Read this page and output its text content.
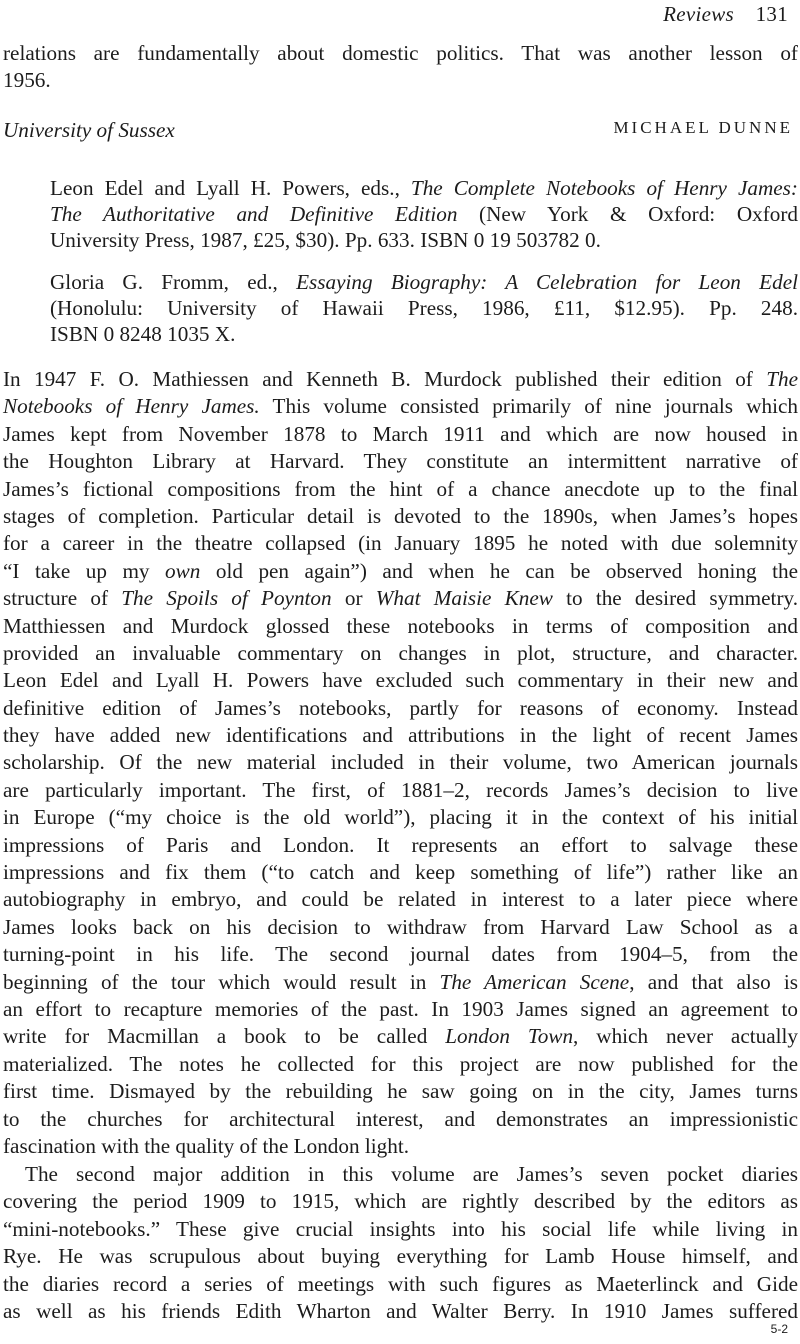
Reviews 131
relations are fundamentally about domestic politics. That was another lesson of
1956.
University of Sussex	MICHAEL DUNNE
Leon Edel and Lyall H. Powers, eds., The Complete Notebooks of Henry James:
The Authoritative and Definitive Edition (New York & Oxford: Oxford
University Press, 1987, £25, $30). Pp. 633. ISBN 0 19 503782 0.
Gloria G. Fromm, ed., Essaying Biography: A Celebration for Leon Edel
(Honolulu: University of Hawaii Press, 1986, £11, $12.95). Pp. 248.
ISBN 0 8248 1035 X.
In 1947 F. O. Mathiessen and Kenneth B. Murdock published their edition of The
Notebooks of Henry James. This volume consisted primarily of nine journals which
James kept from November 1878 to March 1911 and which are now housed in
the Houghton Library at Harvard. They constitute an intermittent narrative of
James’s fictional compositions from the hint of a chance anecdote up to the final
stages of completion. Particular detail is devoted to the 1890s, when James’s hopes
for a career in the theatre collapsed (in January 1895 he noted with due solemnity
“I take up my own old pen again”) and when he can be observed honing the
structure of The Spoils of Poynton or What Maisie Knew to the desired symmetry.
Matthiessen and Murdock glossed these notebooks in terms of composition and
provided an invaluable commentary on changes in plot, structure, and character.
Leon Edel and Lyall H. Powers have excluded such commentary in their new and
definitive edition of James’s notebooks, partly for reasons of economy. Instead
they have added new identifications and attributions in the light of recent James
scholarship. Of the new material included in their volume, two American journals
are particularly important. The first, of 1881–2, records James’s decision to live
in Europe (“my choice is the old world”), placing it in the context of his initial
impressions of Paris and London. It represents an effort to salvage these
impressions and fix them (“to catch and keep something of life”) rather like an
autobiography in embryo, and could be related in interest to a later piece where
James looks back on his decision to withdraw from Harvard Law School as a
turning-point in his life. The second journal dates from 1904–5, from the
beginning of the tour which would result in The American Scene, and that also is
an effort to recapture memories of the past. In 1903 James signed an agreement to
write for Macmillan a book to be called London Town, which never actually
materialized. The notes he collected for this project are now published for the
first time. Dismayed by the rebuilding he saw going on in the city, James turns
to the churches for architectural interest, and demonstrates an impressionistic
fascination with the quality of the London light.
The second major addition in this volume are James’s seven pocket diaries
covering the period 1909 to 1915, which are rightly described by the editors as
“mini-notebooks.” These give crucial insights into his social life while living in
Rye. He was scrupulous about buying everything for Lamb House himself, and
the diaries record a series of meetings with such figures as Maeterlinck and Gide
as well as his friends Edith Wharton and Walter Berry. In 1910 James suffered
5-2
